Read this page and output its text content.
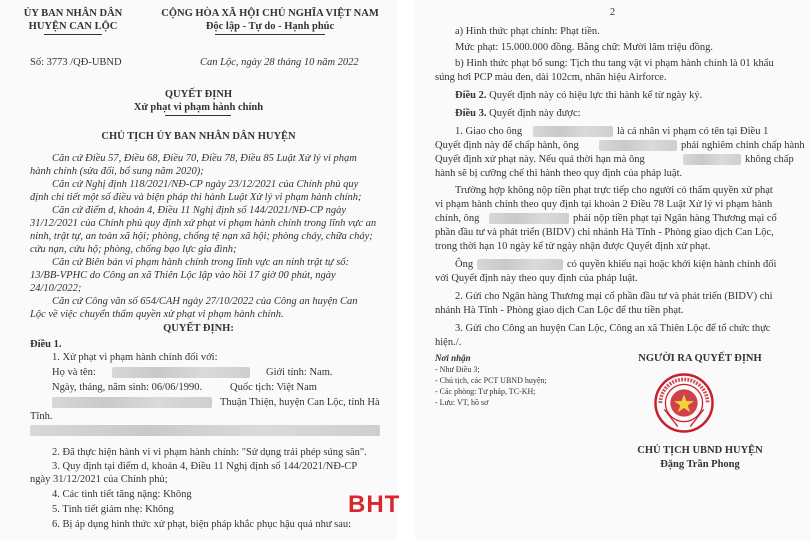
ỦY BAN NHÂN DÂN
HUYỆN CAN LỘC
CỘNG HÒA XÃ HỘI CHỦ NGHĨA VIỆT NAM
Độc lập - Tự do - Hạnh phúc
Số: 3773 /QĐ-UBND	Can Lộc, ngày 28 tháng 10 năm 2022
QUYẾT ĐỊNH
Xử phạt vi phạm hành chính
CHỦ TỊCH ỦY BAN NHÂN DÂN HUYỆN
Căn cứ Điều 57, Điều 68, Điều 70, Điều 78, Điều 85 Luật Xử lý vi phạm
hành chính (sửa đổi, bổ sung năm 2020);
Căn cứ Nghị định 118/2021/NĐ-CP ngày 23/12/2021 của Chính phủ quy
định chi tiết một số điều và biện pháp thi hành Luật Xử lý vi phạm hành chính;
Căn cứ điểm d, khoản 4, Điều 11 Nghị định số 144/2021/NĐ-CP ngày
31/12/2021 của Chính phủ quy định xử phạt vi phạm hành chính trong lĩnh vực an
ninh, trật tự, an toàn xã hội; phòng, chống tệ nạn xã hội; phòng cháy, chữa cháy;
cứu nạn, cứu hộ; phòng, chống bạo lực gia đình;
Căn cứ Biên bản vi phạm hành chính trong lĩnh vực an ninh trật tự số:
13/BB-VPHC do Công an xã Thiên Lộc lập vào hồi 17 giờ 00 phút, ngày
24/10/2022;
Căn cứ Công văn số 654/CAH ngày 27/10/2022 của Công an huyện Can
Lộc về việc chuyển thẩm quyền xử phạt vi phạm hành chính.
QUYẾT ĐỊNH:
Điều 1.
1. Xử phạt vi phạm hành chính đối với:
Họ và tên:	Giới tính: Nam.
Ngày, tháng, năm sinh: 06/06/1990.	Quốc tịch: Việt Nam
Thuận Thiện, huyện Can Lộc, tỉnh Hà
Tĩnh.
2. Đã thực hiện hành vi vi phạm hành chính: "Sử dụng trái phép súng săn".
3. Quy định tại điểm d, khoản 4, Điều 11 Nghị định số 144/2021/NĐ-CP
ngày 31/12/2021 của Chính phủ;
4. Các tình tiết tăng nặng: Không
5. Tình tiết giảm nhẹ: Không
6. Bị áp dụng hình thức xử phạt, biện pháp khắc phục hậu quả như sau:
2
a) Hình thức phạt chính: Phạt tiền.
Mức phạt: 15.000.000 đồng. Bằng chữ: Mười lăm triệu đồng.
b) Hình thức phạt bổ sung: Tịch thu tang vật vi phạm hành chính là 01 khẩu
súng hơi PCP màu đen, dài 102cm, nhãn hiệu Airforce.
Điều 2. Quyết định này có hiệu lực thi hành kể từ ngày ký.
Điều 3. Quyết định này được:
1. Giao cho ông	là cá nhân vi phạm có tên tại Điều 1
Quyết định này để chấp hành, ông	phải nghiêm chỉnh chấp hành
Quyết định xử phạt này. Nếu quá thời hạn mà ông	không chấp
hành sẽ bị cưỡng chế thi hành theo quy định của pháp luật.
Trường hợp không nộp tiền phạt trực tiếp cho người có thẩm quyền xử phạt
vi phạm hành chính theo quy định tại khoản 2 Điều 78 Luật Xử lý vi phạm hành
chính, ông	phải nộp tiền phạt tại Ngân hàng Thương mại cổ
phần đầu tư và phát triển (BIDV) chi nhánh Hà Tĩnh - Phòng giao dịch Can Lộc,
trong thời hạn 10 ngày kể từ ngày nhận được Quyết định xử phạt.
Ông	có quyền khiếu nại hoặc khởi kiện hành chính đối
với Quyết định này theo quy định của pháp luật.
2. Gửi cho Ngân hàng Thương mại cổ phần đầu tư và phát triển (BIDV) chi
nhánh Hà Tĩnh - Phòng giao dịch Can Lộc để thu tiền phạt.
3. Gửi cho Công an huyện Can Lộc, Công an xã Thiên Lộc để tổ chức thực
hiện./.
Nơi nhận
- Như Điều 3;
- Chủ tịch, các PCT UBND huyện;
- Các phòng: Tư pháp, TC-KH;
- Lưu: VT, hồ sơ
NGƯỜI RA QUYẾT ĐỊNH
CHỦ TỊCH UBND HUYỆN
Đặng Trần Phong
BHT
